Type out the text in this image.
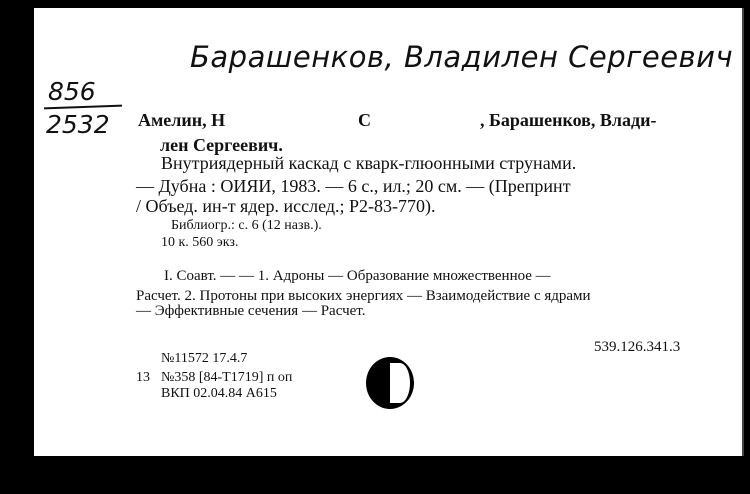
Барашенков, Владилен Сергеевич
856
2532 Амелин, Н	С	, Барашенков, Влади-
лен Сергеевич.
Внутриядерный каскад с кварк-глюонными струнами.
— Дубна : ОИЯИ, 1983. — 6 с., ил.; 20 см. — (Препринт
/ Объед. ин-т ядер. исслед.; Р2-83-770).
Библиогр.: с. 6 (12 назв.).
10 к. 560 экз.
I. Соавт. — — 1. Адроны — Образование множественное —
Расчет. 2. Протоны при высоких энергиях — Взаимодействие с ядрами
— Эффективные сечения — Расчет.
539.126.341.3
№11572 17.4.7
13 №358 [84-Т1719] п оп
ВКП 02.04.84 А615
